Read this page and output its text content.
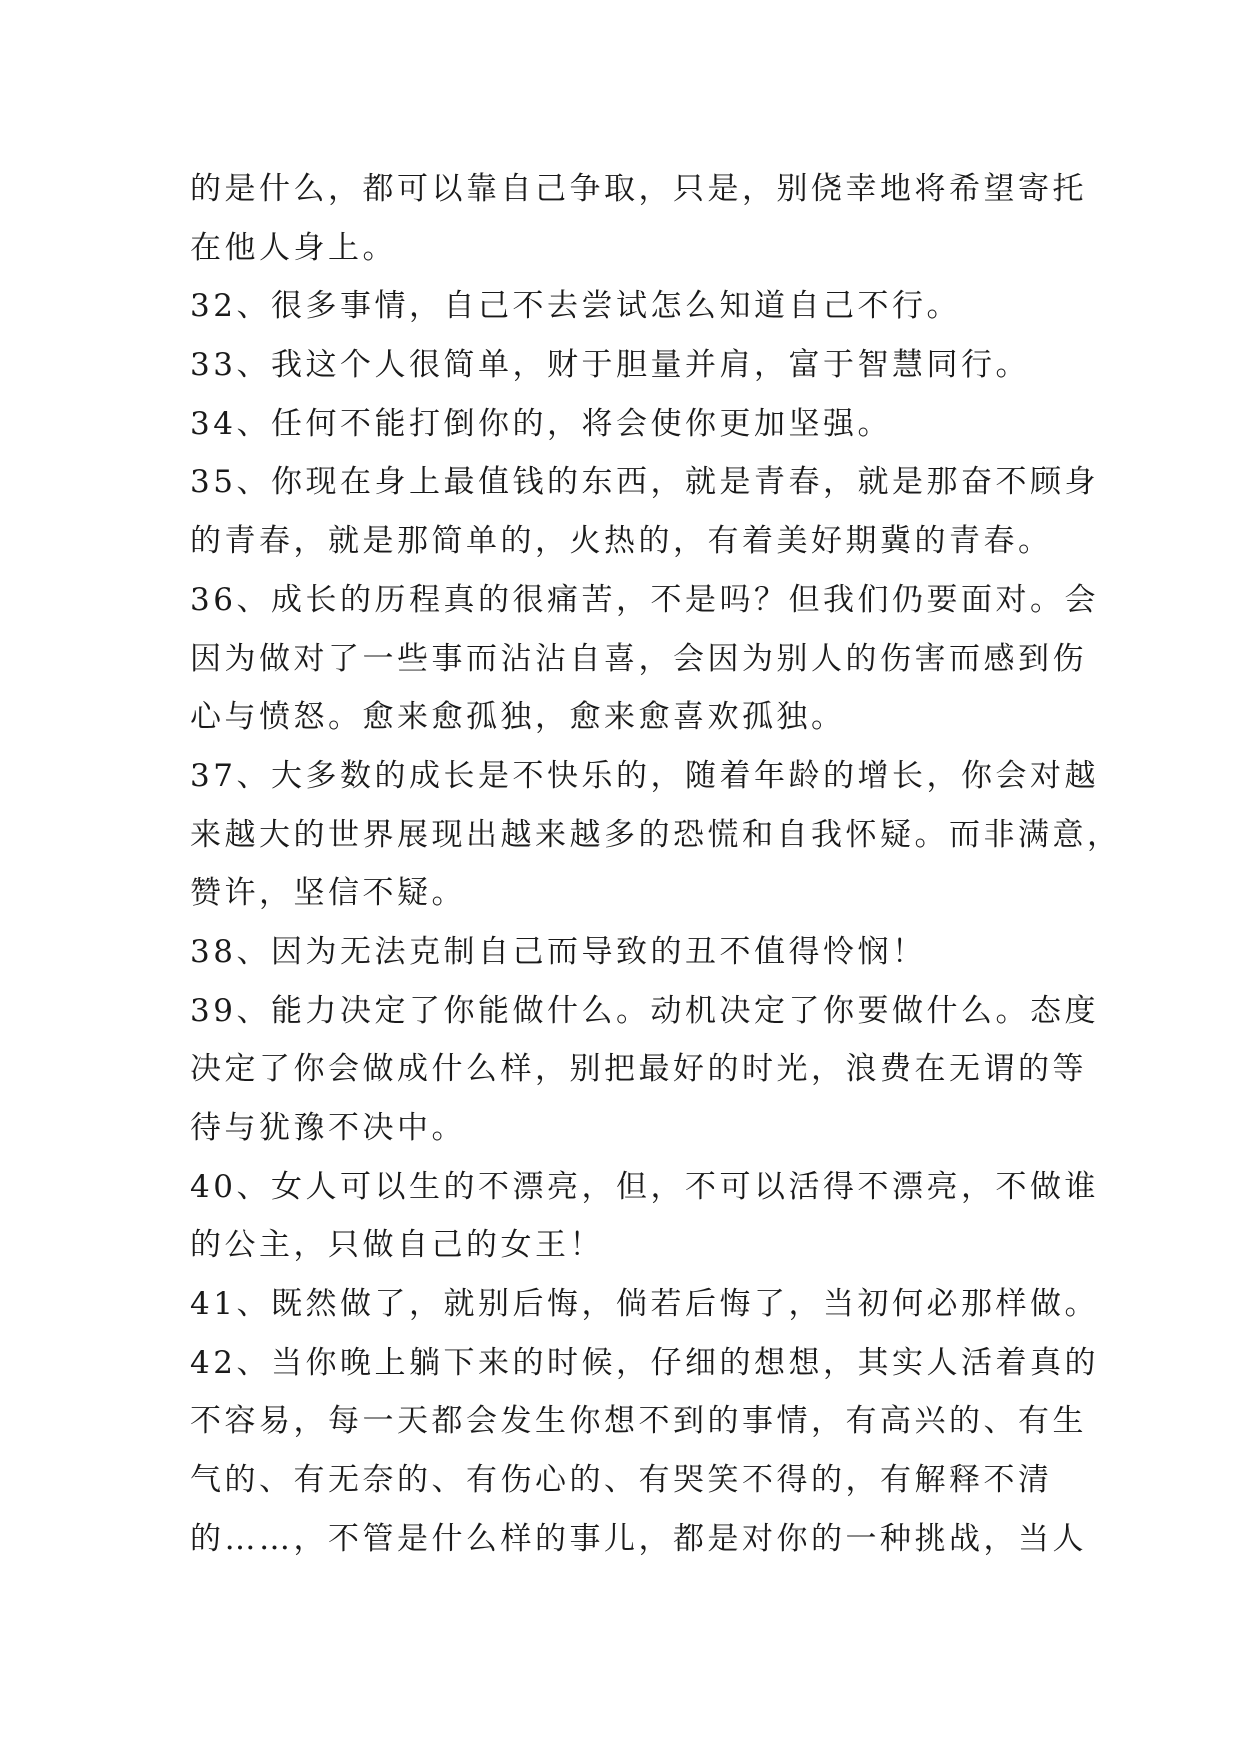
的是什么，都可以靠自己争取，只是，别侥幸地将希望寄托
在他人身上。
32、很多事情，自己不去尝试怎么知道自己不行。
33、我这个人很简单，财于胆量并肩，富于智慧同行。
34、任何不能打倒你的，将会使你更加坚强。
35、你现在身上最值钱的东西，就是青春，就是那奋不顾身
的青春，就是那简单的，火热的，有着美好期冀的青春。
36、成长的历程真的很痛苦，不是吗？但我们仍要面对。会
因为做对了一些事而沾沾自喜，会因为别人的伤害而感到伤
心与愤怒。愈来愈孤独，愈来愈喜欢孤独。
37、大多数的成长是不快乐的，随着年龄的增长，你会对越
来越大的世界展现出越来越多的恐慌和自我怀疑。而非满意，
赞许，坚信不疑。
38、因为无法克制自己而导致的丑不值得怜悯！
39、能力决定了你能做什么。动机决定了你要做什么。态度
决定了你会做成什么样，别把最好的时光，浪费在无谓的等
待与犹豫不决中。
40、女人可以生的不漂亮，但，不可以活得不漂亮，不做谁
的公主，只做自己的女王！
41、既然做了，就别后悔，倘若后悔了，当初何必那样做。
42、当你晚上躺下来的时候，仔细的想想，其实人活着真的
不容易，每一天都会发生你想不到的事情，有高兴的、有生
气的、有无奈的、有伤心的、有哭笑不得的，有解释不清
的……，不管是什么样的事儿，都是对你的一种挑战，当人
